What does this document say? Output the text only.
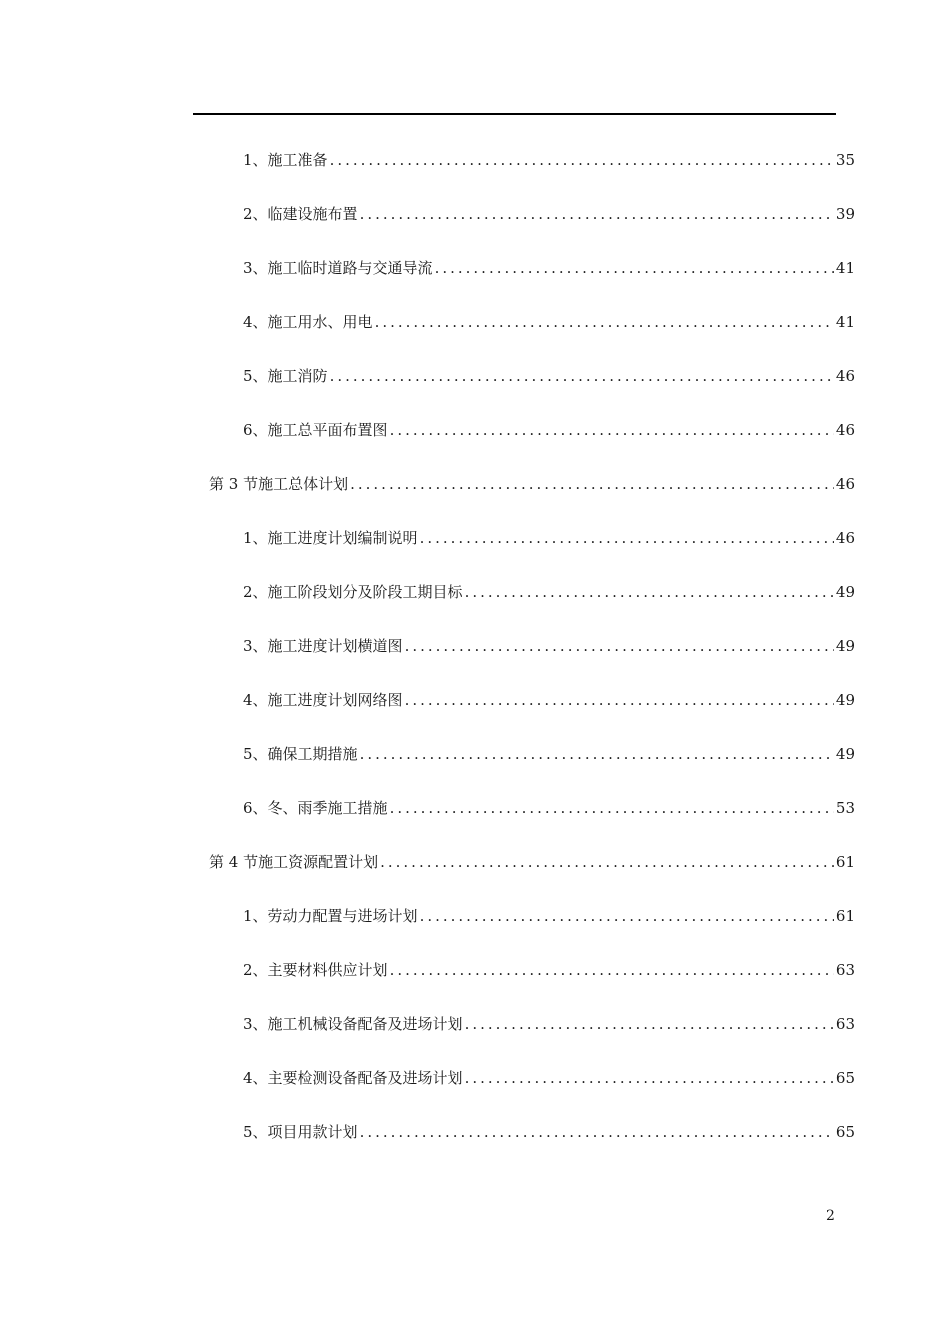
1、 施工准备 .....	35
2、 临建设施布置 .....	39
3、 施工临时道路与交通导流 .....	41
4、 施工用水、用电 .....	41
5、 施工消防 .....	46
6、 施工总平面布置图 .....	46
第 3 节 施工总体计划 .....	46
1、 施工进度计划编制说明 .....	46
2、 施工阶段划分及阶段工期目标 .....	49
3、 施工进度计划横道图 .....	49
4、 施工进度计划网络图 .....	49
5、 确保工期措施 .....	49
6、 冬、雨季施工措施 .....	53
第 4 节 施工资源配置计划 .....	61
1、 劳动力配置与进场计划 .....	61
2、 主要材料供应计划 .....	63
3、 施工机械设备配备及进场计划 .....	63
4、 主要检测设备配备及进场计划 .....	65
5、 项目用款计划 .....	65
2
